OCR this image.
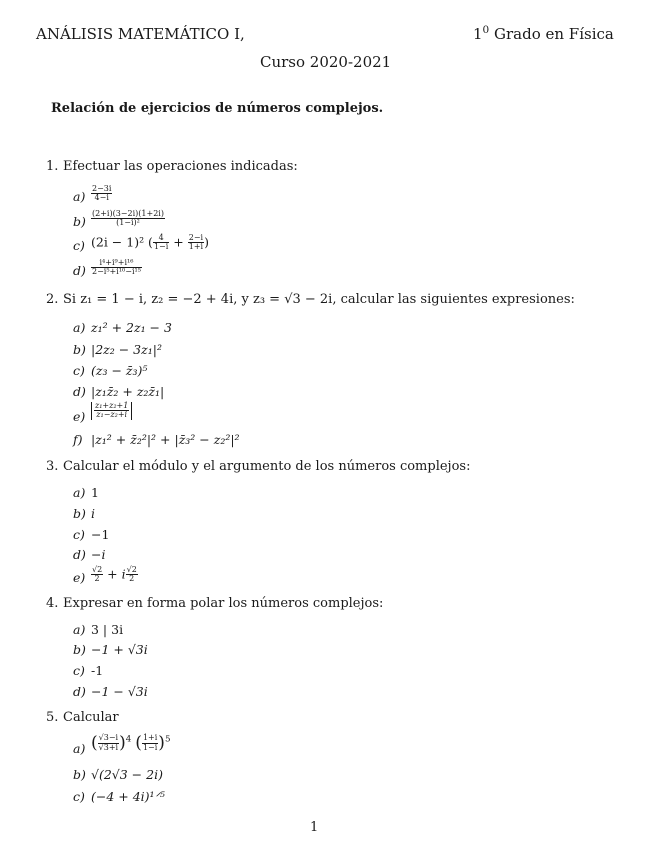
ANÁLISIS MATEMÁTICO I,	$1^0$ Grado en Física
Curso 2020-2021
Relación de ejercicios de números complejos.
1. Efectuar las operaciones indicadas:
$a) \frac{2-3i}{4-i}$
$b) \frac{(2+i)(3-2i)(1+2i)}{\text{(1−i)²}}$
c) (2i − 1)² ( $\frac{4}{1-i} + \frac{2-i}{1+i}$ )
$d) \frac{\text{i⁴+i⁹+i¹⁶}}{\text{2−i⁵+i¹⁰−i¹⁵}}$
2. Si z₁ = 1 − i, z₂ = −2 + 4i, y z₃ = √3 − 2i, calcular las siguientes expresiones:
a) z₁² + 2z₁ − 3
b) |2z₂ − 3z₁|²
c) (z₃ − z̄₃)⁵
d) |z₁z̄₂ + z₂z̄₁|
$e) \frac{\text{z₁+z₂+1}}{\text{z₁−z₂+i}}$
f) |z₁² + z̄₂²|² + |z̄₃² − z₂²|²
3. Calcular el módulo y el argumento de los números complejos:
a) 1
b) i
c) −1
d) −i
$e) \frac{√2}{2} + i \frac{√2}{2}$
4. Expresar en forma polar los números complejos:
a) 3 | 3i
b) −1 + √3i
c) -1
d) −1 − √3i
5. Calcular
a) ( $\frac{√3-i}{√3+i} )^4$ ( $\frac{1+i}{1-i} )^5$
b) √(2√3 − 2i)
c) (−4 + 4i)¹ᐟ⁵
1
